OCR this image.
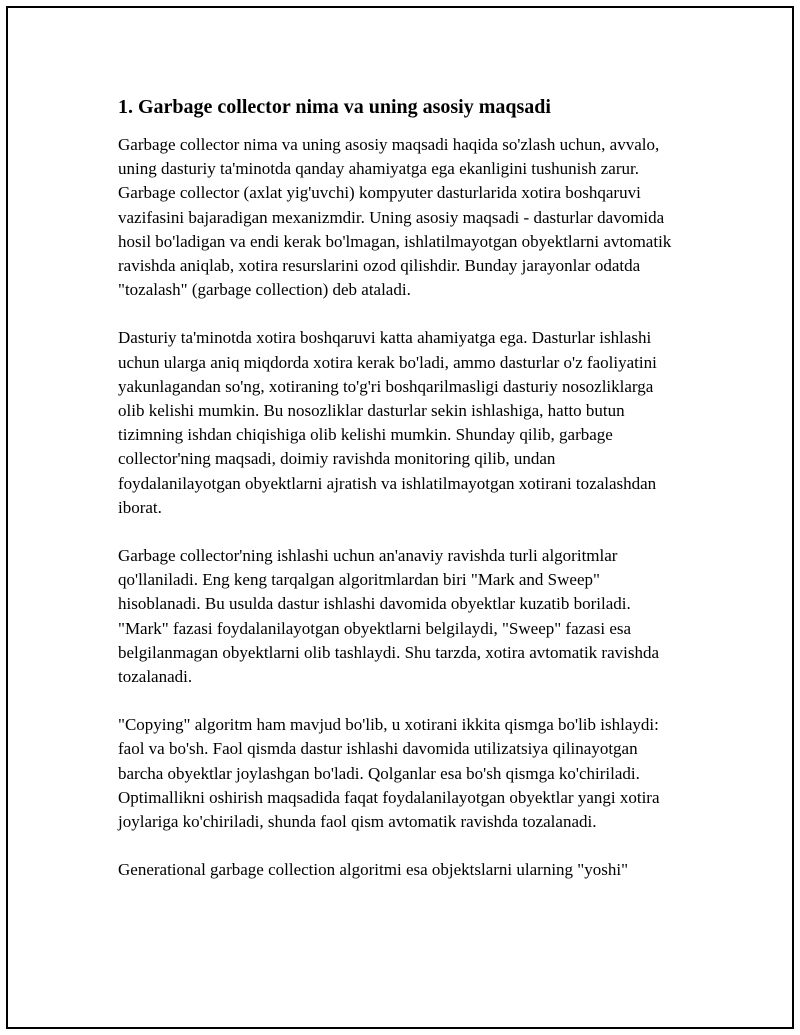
1. Garbage collector nima va uning asosiy maqsadi

Garbage collector nima va uning asosiy maqsadi haqida so'zlash uchun, avvalo, uning dasturiy ta'minotda qanday ahamiyatga ega ekanligini tushunish zarur. Garbage collector (axlat yig'uvchi) kompyuter dasturlarida xotira boshqaruvi vazifasini bajaradigan mexanizmdir. Uning asosiy maqsadi - dasturlar davomida hosil bo'ladigan va endi kerak bo'lmagan, ishlatilmayotgan obyektlarni avtomatik ravishda aniqlab, xotira resurslarini ozod qilishdir. Bunday jarayonlar odatda "tozalash" (garbage collection) deb ataladi.

Dasturiy ta'minotda xotira boshqaruvi katta ahamiyatga ega. Dasturlar ishlashi uchun ularga aniq miqdorda xotira kerak bo'ladi, ammo dasturlar o'z faoliyatini yakunlagandan so'ng, xotiraning to'g'ri boshqarilmasligi dasturiy nosozliklarga olib kelishi mumkin. Bu nosozliklar dasturlar sekin ishlashiga, hatto butun tizimning ishdan chiqishiga olib kelishi mumkin. Shunday qilib, garbage collector'ning maqsadi, doimiy ravishda monitoring qilib, undan foydalanilayotgan obyektlarni ajratish va ishlatilmayotgan xotirani tozalashdan iborat.

Garbage collector'ning ishlashi uchun an'anaviy ravishda turli algoritmlar qo'llaniladi. Eng keng tarqalgan algoritmlardan biri "Mark and Sweep" hisoblanadi. Bu usulda dastur ishlashi davomida obyektlar kuzatib boriladi. "Mark" fazasi foydalanilayotgan obyektlarni belgilaydi, "Sweep" fazasi esa belgilanmagan obyektlarni olib tashlaydi. Shu tarzda, xotira avtomatik ravishda tozalanadi.

"Copying" algoritm ham mavjud bo'lib, u xotirani ikkita qismga bo'lib ishlaydi: faol va bo'sh. Faol qismda dastur ishlashi davomida utilizatsiya qilinayotgan barcha obyektlar joylashgan bo'ladi. Qolganlar esa bo'sh qismga ko'chiriladi. Optimallikni oshirish maqsadida faqat foydalanilayotgan obyektlar yangi xotira joylariga ko'chiriladi, shunda faol qism avtomatik ravishda tozalanadi.

Generational garbage collection algoritmi esa objektslarni ularning "yoshi"
